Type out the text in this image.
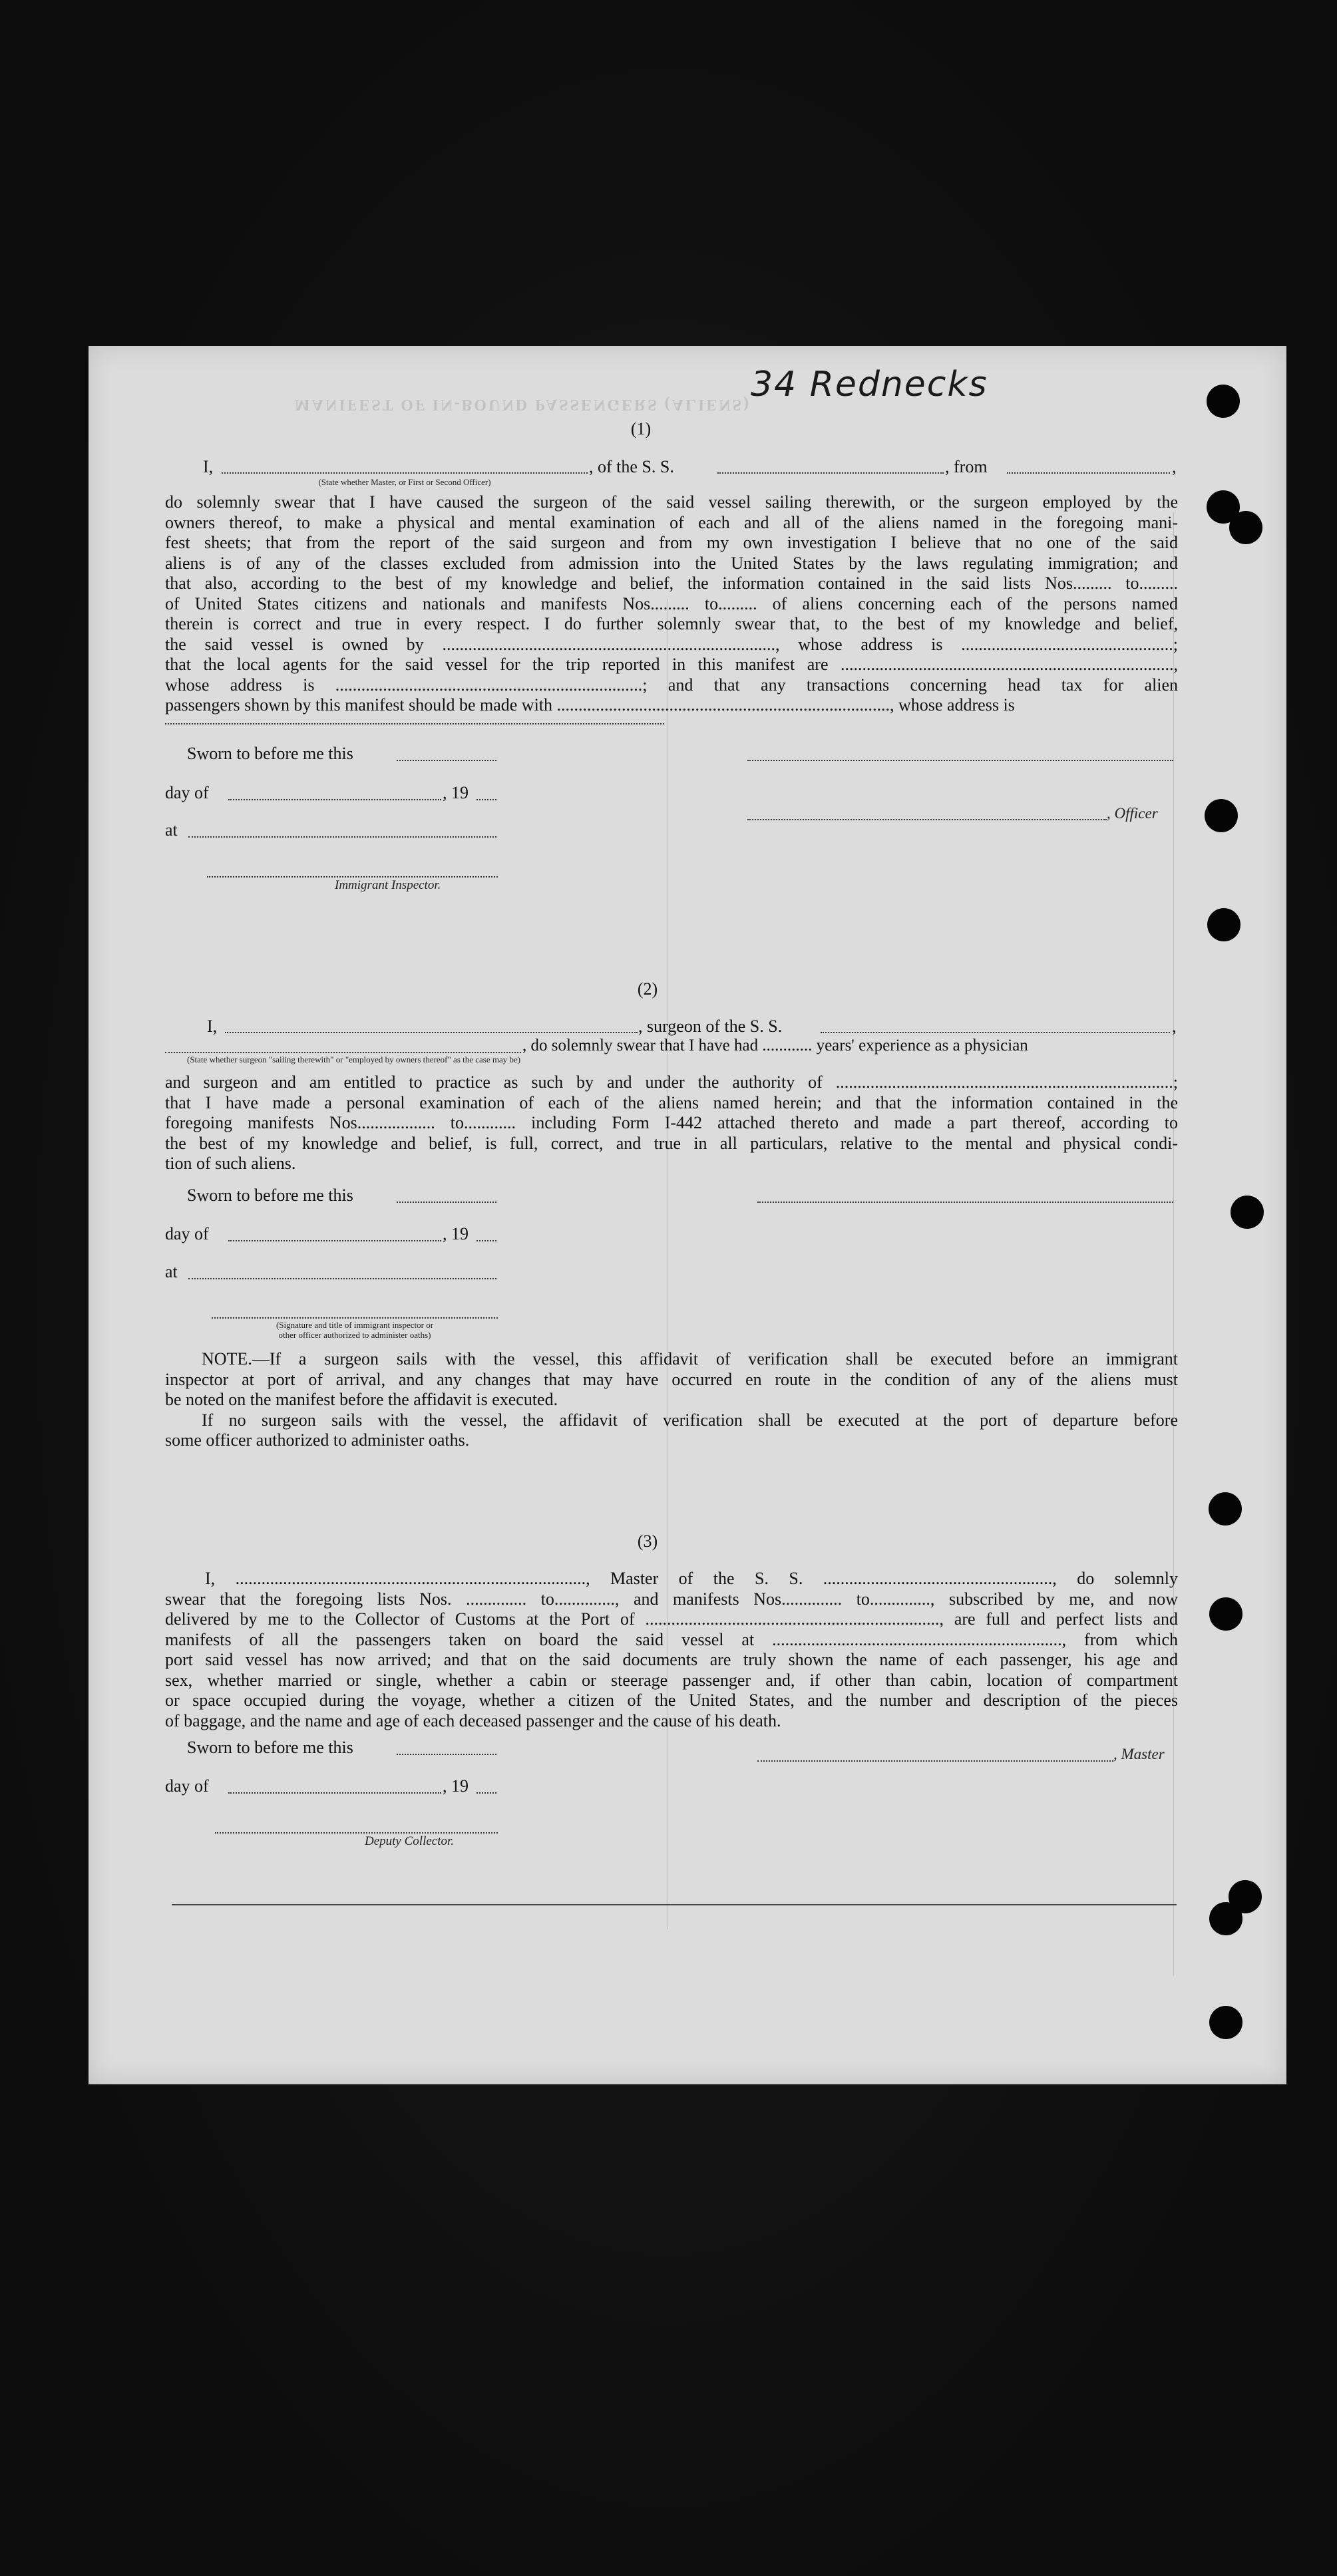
MANIFEST OF IN-BOUND PASSENGERS (ALIENS) 34 Rednecks
(1)
I,	, of the S. S.	, from	,
(State whether Master, or First or Second Officer)
do solemnly swear that I have caused the surgeon of the said vessel sailing therewith, or the surgeon employed by the
owners thereof, to make a physical and mental examination of each and all of the aliens named in the foregoing mani-
fest sheets; that from the report of the said surgeon and from my own investigation I believe that no one of the said
aliens is of any of the classes excluded from admission into the United States by the laws regulating immigration; and
that also, according to the best of my knowledge and belief, the information contained in the said lists Nos......... to.........
of United States citizens and nationals and manifests Nos......... to......... of aliens concerning each of the persons named
therein is correct and true in every respect. I do further solemnly swear that, to the best of my knowledge and belief,
the said vessel is owned by ............................................................................., whose address is .................................................;
that the local agents for the said vessel for the trip reported in this manifest are .............................................................................,
whose address is .......................................................................; and that any transactions concerning head tax for alien
passengers shown by this manifest should be made with ............................................................................., whose address is
Sworn to before me this
day of	, 19
, Officer
at
Immigrant Inspector.
(2)
I,	, surgeon of the S. S.	,
, do solemnly swear that I have had ............ years' experience as a physician
(State whether surgeon "sailing therewith" or "employed by owners thereof" as the case may be)
and surgeon and am entitled to practice as such by and under the authority of ..............................................................................;
that I have made a personal examination of each of the aliens named herein; and that the information contained in the
foregoing manifests Nos.................. to............ including Form I-442 attached thereto and made a part thereof, according to
the best of my knowledge and belief, is full, correct, and true in all particulars, relative to the mental and physical condi-
tion of such aliens.
Sworn to before me this
day of	, 19
at
(Signature and title of immigrant inspector or
other officer authorized to administer oaths)
NOTE.—If a surgeon sails with the vessel, this affidavit of verification shall be executed before an immigrant
inspector at port of arrival, and any changes that may have occurred en route in the condition of any of the aliens must
be noted on the manifest before the affidavit is executed.
If no surgeon sails with the vessel, the affidavit of verification shall be executed at the port of departure before
some officer authorized to administer oaths.
(3)
I, ................................................................................., Master of the S. S. ....................................................., do solemnly
swear that the foregoing lists Nos. .............. to.............., and manifests Nos.............. to.............., subscribed by me, and now
delivered by me to the Collector of Customs at the Port of ...................................................................., are full and perfect lists and
manifests of all the passengers taken on board the said vessel at ..................................................................., from which
port said vessel has now arrived; and that on the said documents are truly shown the name of each passenger, his age and
sex, whether married or single, whether a cabin or steerage passenger and, if other than cabin, location of compartment
or space occupied during the voyage, whether a citizen of the United States, and the number and description of the pieces
of baggage, and the name and age of each deceased passenger and the cause of his death.
Sworn to before me this	, Master
day of	, 19
Deputy Collector.
